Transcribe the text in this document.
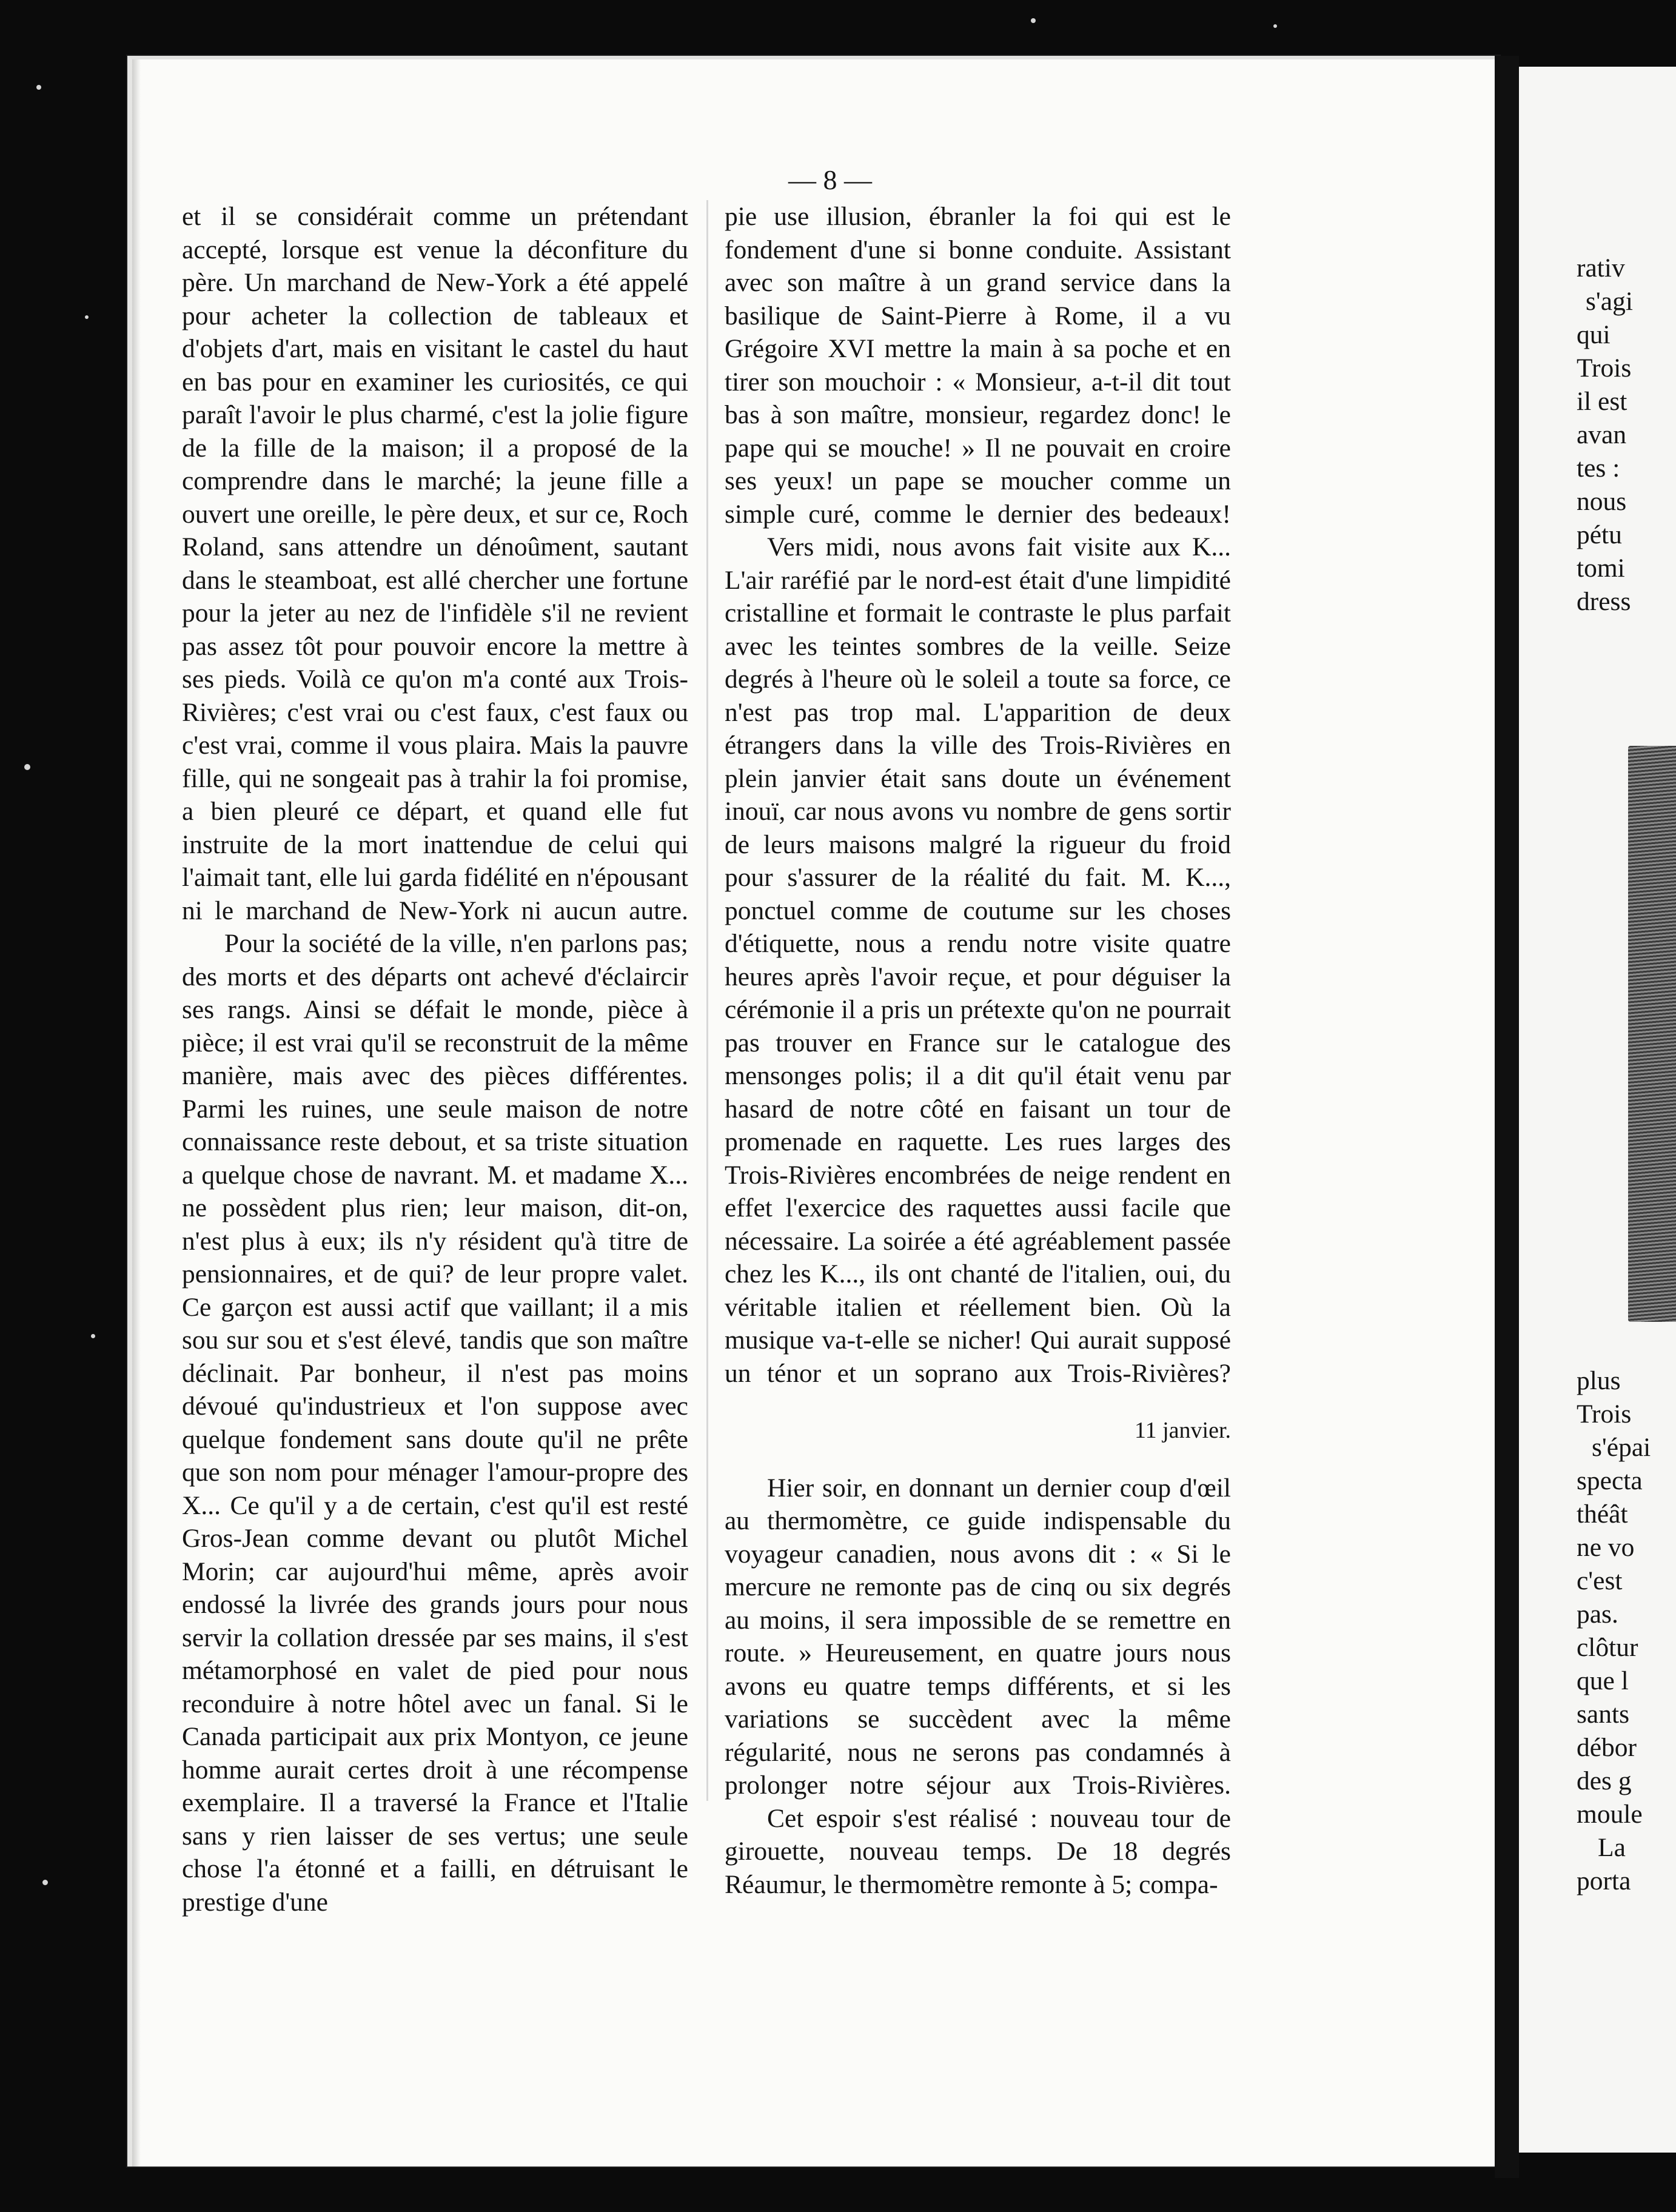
— 8 —

et il se considérait comme un prétendant accepté, lorsque est venue la déconfiture du père. Un marchand de New-York a été appelé pour acheter la collection de tableaux et d'objets d'art, mais en visitant le castel du haut en bas pour en examiner les curiosités, ce qui paraît l'avoir le plus charmé, c'est la jolie figure de la fille de la maison; il a proposé de la comprendre dans le marché; la jeune fille a ouvert une oreille, le père deux, et sur ce, Roch Roland, sans attendre un dénoûment, sautant dans le steamboat, est allé chercher une fortune pour la jeter au nez de l'infidèle s'il ne revient pas assez tôt pour pouvoir encore la mettre à ses pieds. Voilà ce qu'on m'a conté aux Trois-Rivières; c'est vrai ou c'est faux, c'est faux ou c'est vrai, comme il vous plaira. Mais la pauvre fille, qui ne songeait pas à trahir la foi promise, a bien pleuré ce départ, et quand elle fut instruite de la mort inattendue de celui qui l'aimait tant, elle lui garda fidélité en n'épousant ni le marchand de New-York ni aucun autre.

Pour la société de la ville, n'en parlons pas; des morts et des départs ont achevé d'éclaircir ses rangs. Ainsi se défait le monde, pièce à pièce; il est vrai qu'il se reconstruit de la même manière, mais avec des pièces différentes. Parmi les ruines, une seule maison de notre connaissance reste debout, et sa triste situation a quelque chose de navrant. M. et madame X... ne possèdent plus rien; leur maison, dit-on, n'est plus à eux; ils n'y résident qu'à titre de pensionnaires, et de qui? de leur propre valet. Ce garçon est aussi actif que vaillant; il a mis sou sur sou et s'est élevé, tandis que son maître déclinait. Par bonheur, il n'est pas moins dévoué qu'industrieux et l'on suppose avec quelque fondement sans doute qu'il ne prête que son nom pour ménager l'amour-propre des X... Ce qu'il y a de certain, c'est qu'il est resté Gros-Jean comme devant ou plutôt Michel Morin; car aujourd'hui même, après avoir endossé la livrée des grands jours pour nous servir la collation dressée par ses mains, il s'est métamorphosé en valet de pied pour nous reconduire à notre hôtel avec un fanal. Si le Canada participait aux prix Montyon, ce jeune homme aurait certes droit à une récompense exemplaire. Il a traversé la France et l'Italie sans y rien laisser de ses vertus; une seule chose l'a étonné et a failli, en détruisant le prestige d'une

pie use illusion, ébranler la foi qui est le fondement d'une si bonne conduite. Assistant avec son maître à un grand service dans la basilique de Saint-Pierre à Rome, il a vu Grégoire XVI mettre la main à sa poche et en tirer son mouchoir : « Monsieur, a-t-il dit tout bas à son maître, monsieur, regardez donc! le pape qui se mouche! » Il ne pouvait en croire ses yeux! un pape se moucher comme un simple curé, comme le dernier des bedeaux!

Vers midi, nous avons fait visite aux K... L'air raréfié par le nord-est était d'une limpidité cristalline et formait le contraste le plus parfait avec les teintes sombres de la veille. Seize degrés à l'heure où le soleil a toute sa force, ce n'est pas trop mal. L'apparition de deux étrangers dans la ville des Trois-Rivières en plein janvier était sans doute un événement inouï, car nous avons vu nombre de gens sortir de leurs maisons malgré la rigueur du froid pour s'assurer de la réalité du fait. M. K..., ponctuel comme de coutume sur les choses d'étiquette, nous a rendu notre visite quatre heures après l'avoir reçue, et pour déguiser la cérémonie il a pris un prétexte qu'on ne pourrait pas trouver en France sur le catalogue des mensonges polis; il a dit qu'il était venu par hasard de notre côté en faisant un tour de promenade en raquette. Les rues larges des Trois-Rivières encombrées de neige rendent en effet l'exercice des raquettes aussi facile que nécessaire. La soirée a été agréablement passée chez les K..., ils ont chanté de l'italien, oui, du véritable italien et réellement bien. Où la musique va-t-elle se nicher! Qui aurait supposé un ténor et un soprano aux Trois-Rivières?

11 janvier.

Hier soir, en donnant un dernier coup d'œil au thermomètre, ce guide indispensable du voyageur canadien, nous avons dit : « Si le mercure ne remonte pas de cinq ou six degrés au moins, il sera impossible de se remettre en route. » Heureusement, en quatre jours nous avons eu quatre temps différents, et si les variations se succèdent avec la même régularité, nous ne serons pas condamnés à prolonger notre séjour aux Trois-Rivières.

Cet espoir s'est réalisé : nouveau tour de girouette, nouveau temps. De 18 degrés Réaumur, le thermomètre remonte à 5; compa-

rativ
s'agi
qui
Trois
il est
avan
tes :
nous
pétu
tomi
dress
plus
Trois
s'épai
specta
théât
ne vo
c'est
pas.
clôtur
que l
sants
débor
des g
moule
La
porta
